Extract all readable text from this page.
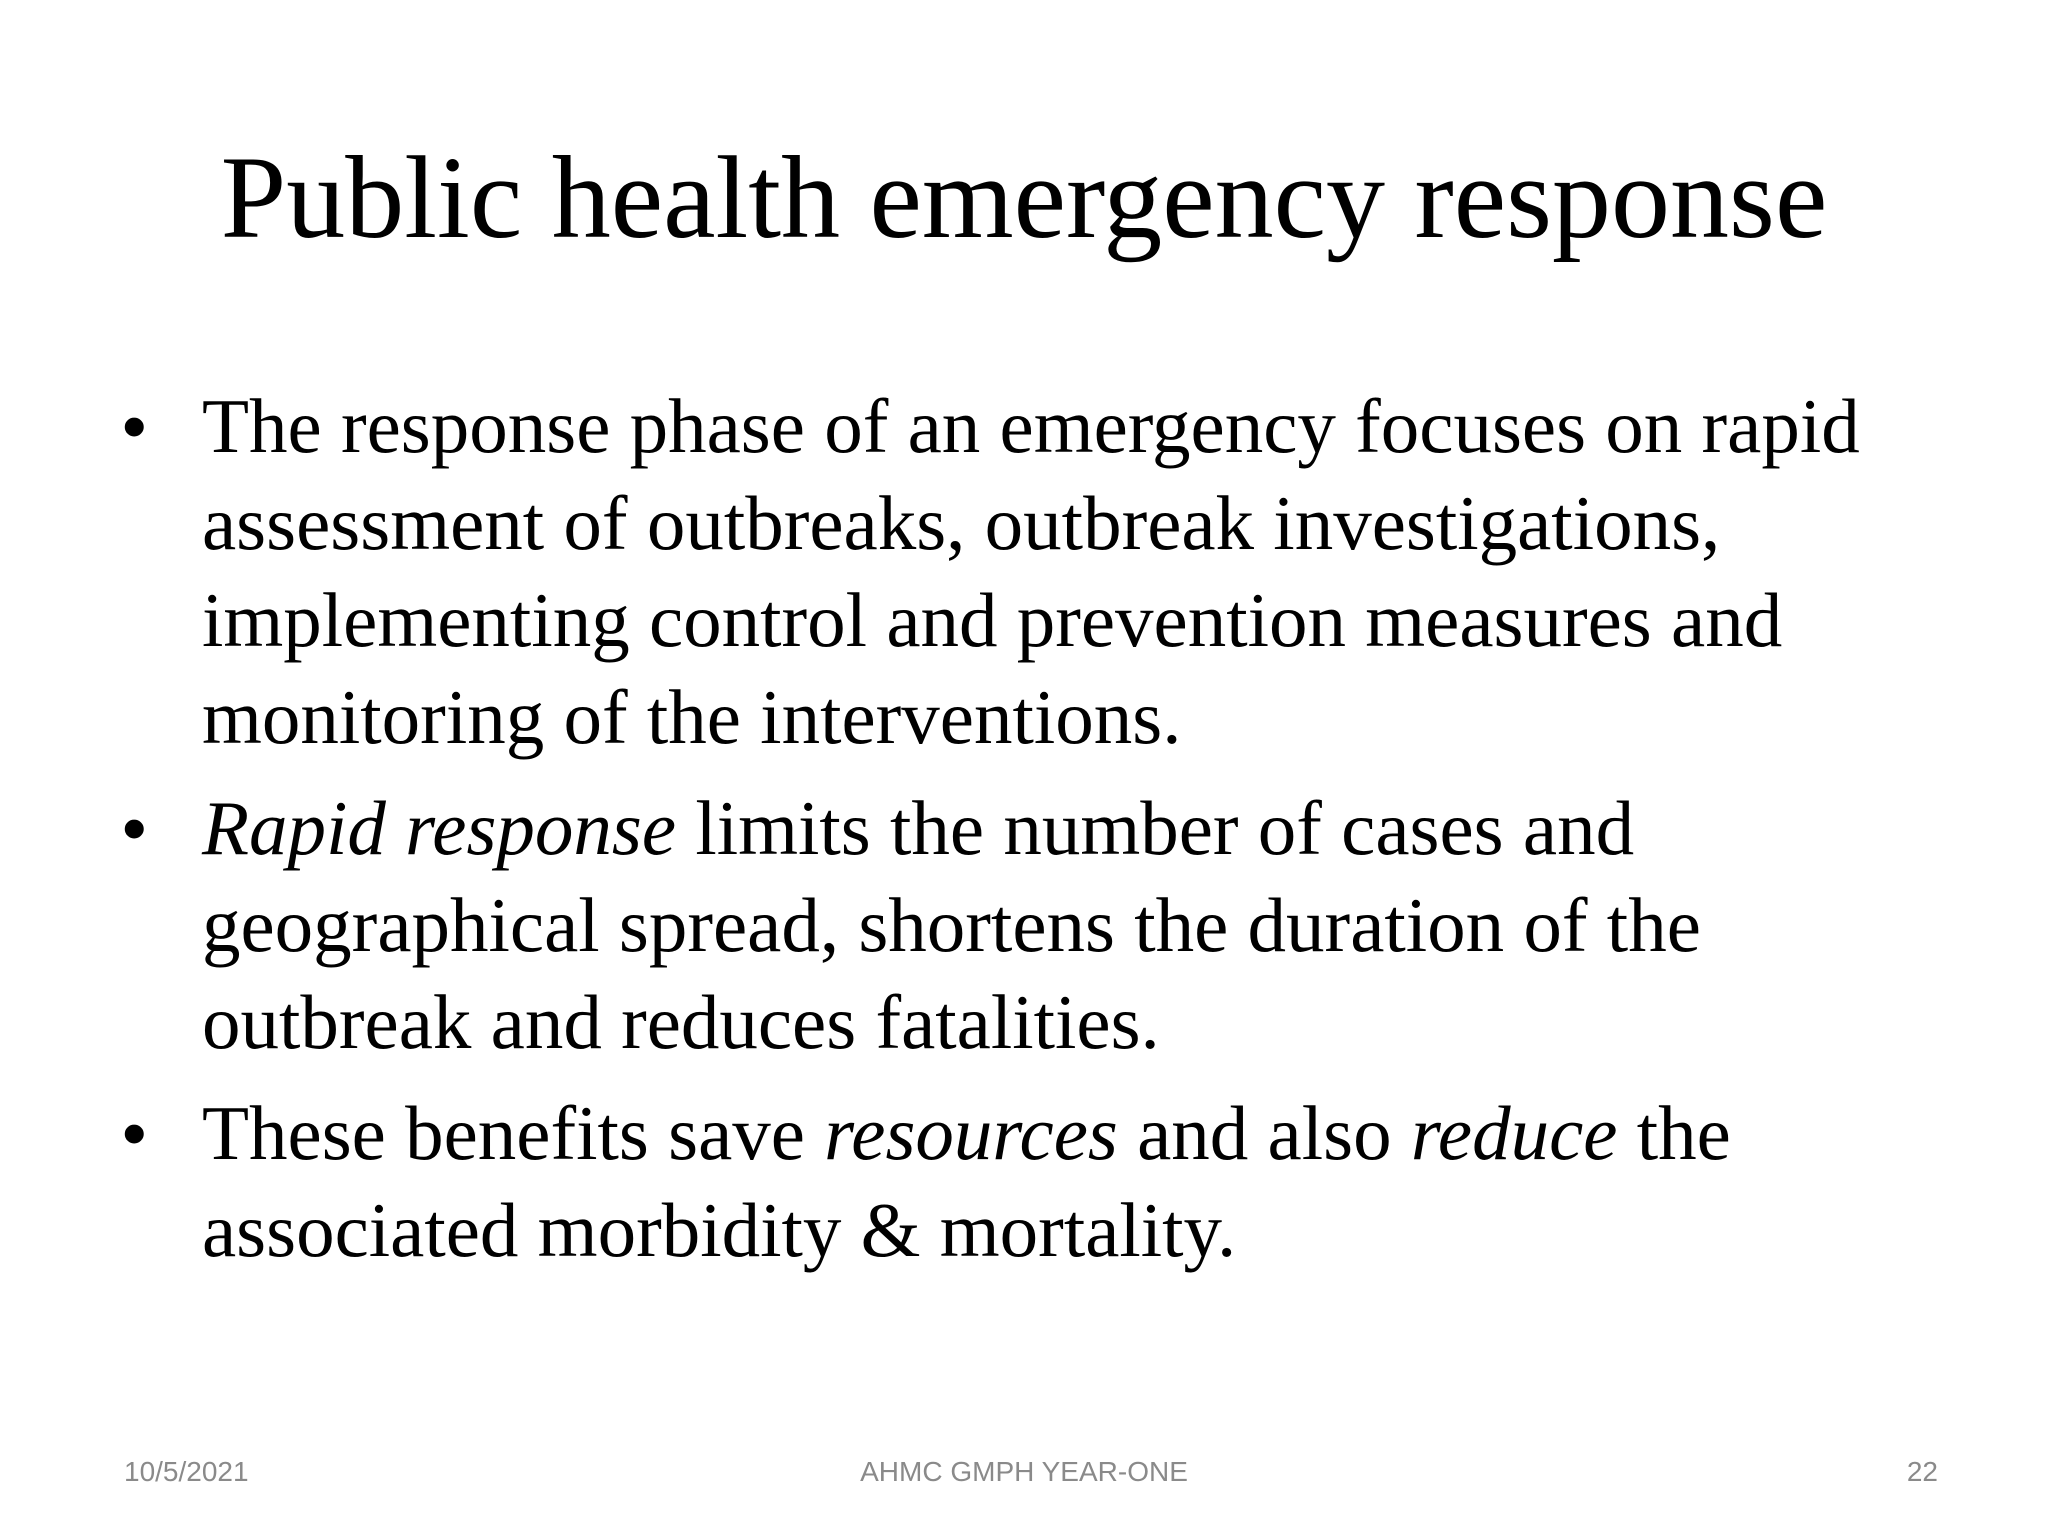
Public health emergency response
• The response phase of an emergency focuses on rapid assessment of outbreaks, outbreak investigations, implementing control and prevention measures and monitoring of the interventions.
• Rapid response limits the number of cases and geographical spread, shortens the duration of the outbreak and reduces fatalities.
• These benefits save resources and also reduce the associated morbidity & mortality.
10/5/2021	AHMC GMPH YEAR-ONE	22
